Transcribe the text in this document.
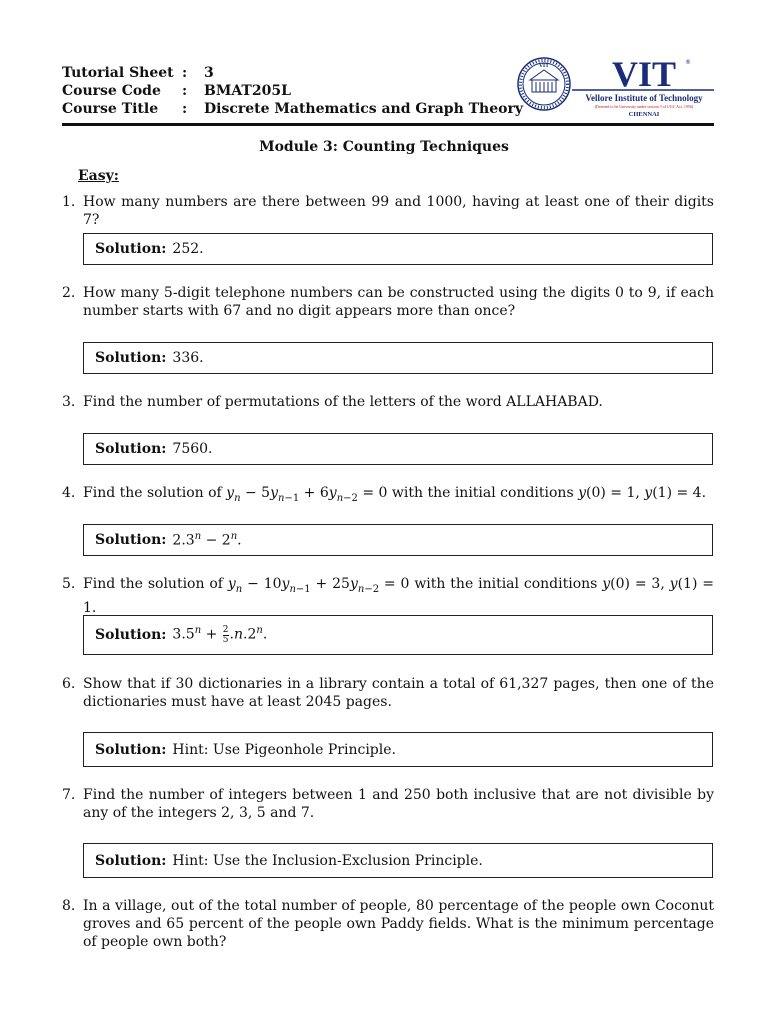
Tutorial Sheet : 3
Course Code : BMAT205L
Course Title : Discrete Mathematics and Graph Theory
VIT VIT ®
Vellore Institute of Technology
(Deemed to be University under section 3 of UGC Act, 1956)
CHENNAI
Module 3: Counting Techniques
Easy:
1. How many numbers are there between 99 and 1000, having at least one of their digits 7?
Solution: 252.
2. How many 5-digit telephone numbers can be constructed using the digits 0 to 9, if each number starts with 67 and no digit appears more than once?
Solution: 336.
3. Find the number of permutations of the letters of the word ALLAHABAD.
Solution: 7560.
4. Find the solution of $y_n - 5y_{n-1} + 6y_{n-2} = 0$ with the initial conditions y(0) = 1, y(1) = 4.
Solution: $2.3^n - 2^n$.
5. Find the solution of $y_n - 10y_{n-1} + 25y_{n-2} = 0$ with the initial conditions y(0) = 3, y(1) = 1.
Solution: $3.5^n + \frac{2}{5} .n.2^n$.
6. Show that if 30 dictionaries in a library contain a total of 61,327 pages, then one of the dictionaries must have at least 2045 pages.
Solution: Hint: Use Pigeonhole Principle.
7. Find the number of integers between 1 and 250 both inclusive that are not divisible by any of the integers 2, 3, 5 and 7.
Solution: Hint: Use the Inclusion-Exclusion Principle.
8. In a village, out of the total number of people, 80 percentage of the people own Coconut groves and 65 percent of the people own Paddy fields. What is the minimum percentage of people own both?
